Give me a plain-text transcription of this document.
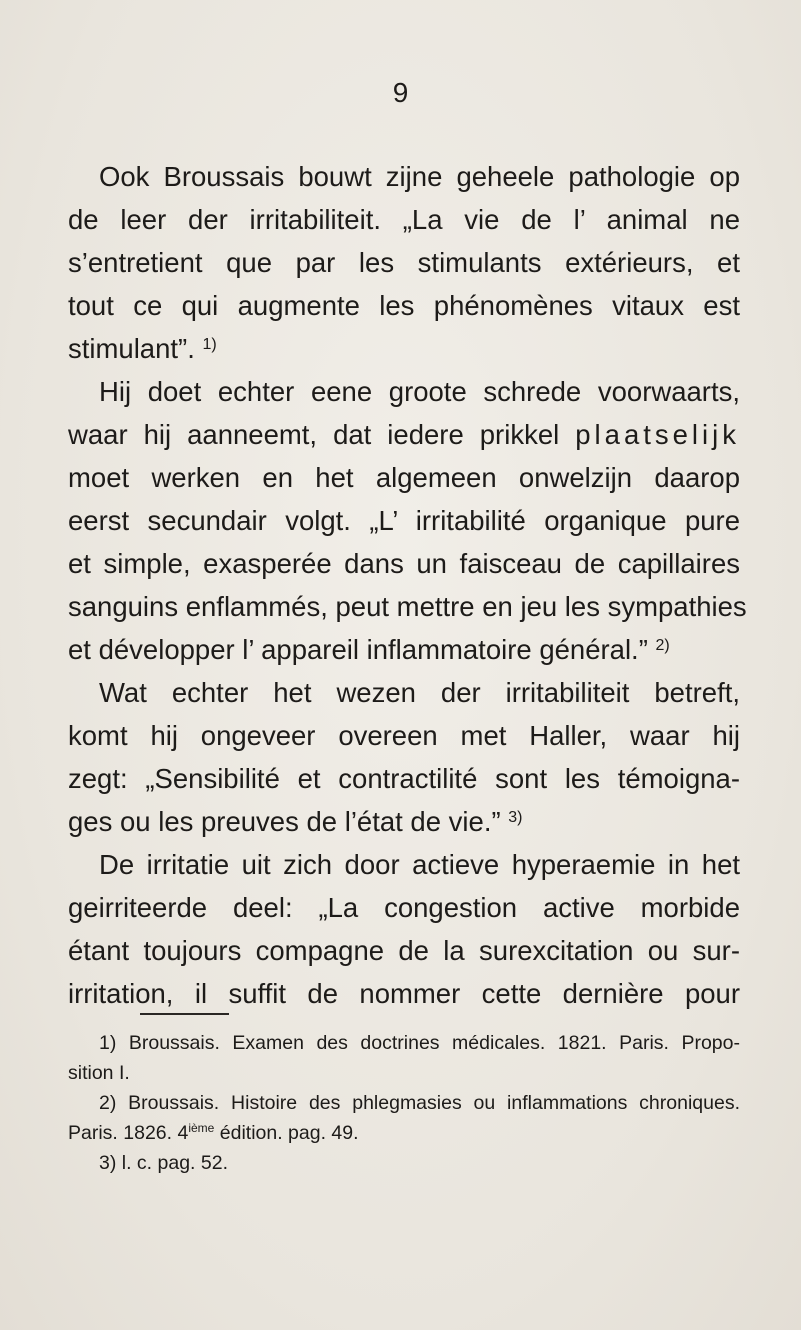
9
Ook Broussais bouwt zijne geheele pathologie op
de leer der irritabiliteit. „La vie de l’ animal ne
s’entretient que par les stimulants extérieurs, et
tout ce qui augmente les phénomènes vitaux est
stimulant”. $^{1)}$
Hij doet echter eene groote schrede voorwaarts,
waar hij aanneemt, dat iedere prikkel plaatselijk
moet werken en het algemeen onwelzijn daarop
eerst secundair volgt. „L’ irritabilité organique pure
et simple, exasperée dans un faisceau de capillaires
sanguins enflammés, peut mettre en jeu les sympathies
et développer l’ appareil inflammatoire général.” $^{2)}$
Wat echter het wezen der irritabiliteit betreft,
komt hij ongeveer overeen met Haller, waar hij
zegt: „Sensibilité et contractilité sont les témoigna-
ges ou les preuves de l’état de vie.” $^{3)}$
De irritatie uit zich door actieve hyperaemie in het
geirriteerde deel: „La congestion active morbide
étant toujours compagne de la surexcitation ou sur-
irritation, il suffit de nommer cette dernière pour
1) Broussais. Examen des doctrines médicales. 1821. Paris. Propo-
sition I.
2) Broussais. Histoire des phlegmasies ou inflammations chroniques.
Paris. 1826. 4ième édition. pag. 49.
3) l. c. pag. 52.
